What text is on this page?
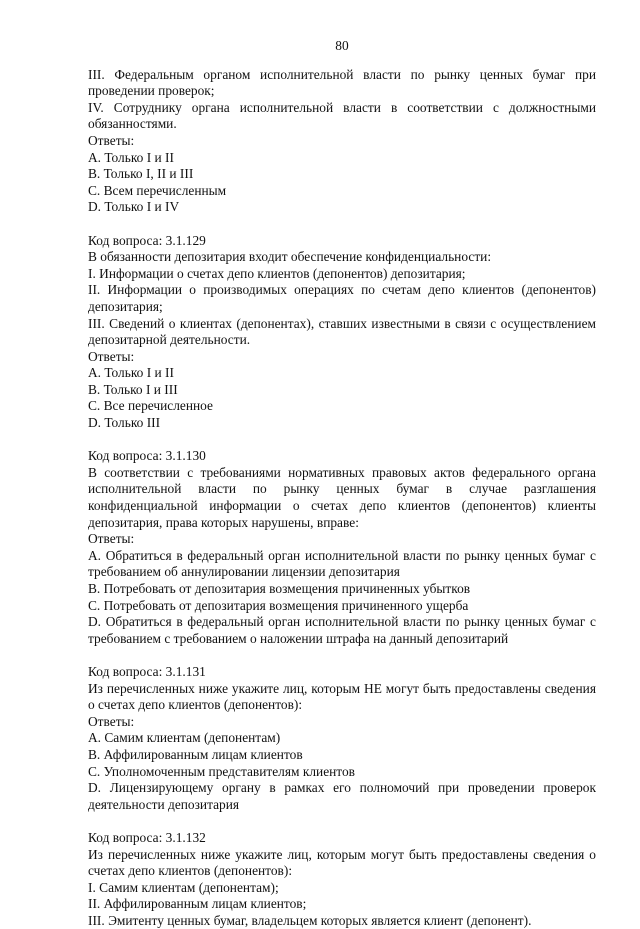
80
III. Федеральным органом исполнительной власти по рынку ценных бумаг при проведении проверок;
IV. Сотруднику органа исполнительной власти в соответствии с должностными обязанностями.
Ответы:
A. Только I и II
B. Только I, II и III
C. Всем перечисленным
D. Только I и IV
Код вопроса: 3.1.129
В обязанности депозитария входит обеспечение конфиденциальности:
I. Информации о счетах депо клиентов (депонентов) депозитария;
II. Информации о производимых операциях по счетам депо клиентов (депонентов) депозитария;
III. Сведений о клиентах (депонентах), ставших известными в связи с осуществлением депозитарной деятельности.
Ответы:
A. Только I и II
B. Только I и III
C. Все перечисленное
D. Только III
Код вопроса: 3.1.130
В соответствии с требованиями нормативных правовых актов федерального органа исполнительной власти по рынку ценных бумаг в случае разглашения конфиденциальной информации о счетах депо клиентов (депонентов) клиенты депозитария, права которых нарушены, вправе:
Ответы:
A. Обратиться в федеральный орган исполнительной власти по рынку ценных бумаг с требованием об аннулировании лицензии депозитария
B. Потребовать от депозитария возмещения причиненных убытков
C. Потребовать от депозитария возмещения причиненного ущерба
D. Обратиться в федеральный орган исполнительной власти по рынку ценных бумаг с требованием с требованием о наложении штрафа на данный депозитарий
Код вопроса: 3.1.131
Из перечисленных ниже укажите лиц, которым НЕ могут быть предоставлены сведения о счетах депо клиентов (депонентов):
Ответы:
A. Самим клиентам (депонентам)
B. Аффилированным лицам клиентов
C. Уполномоченным представителям клиентов
D. Лицензирующему органу в рамках его полномочий при проведении проверок деятельности депозитария
Код вопроса: 3.1.132
Из перечисленных ниже укажите лиц, которым могут быть предоставлены сведения о счетах депо клиентов (депонентов):
I. Самим клиентам (депонентам);
II. Аффилированным лицам клиентов;
III. Эмитенту ценных бумаг, владельцем которых является клиент (депонент).
